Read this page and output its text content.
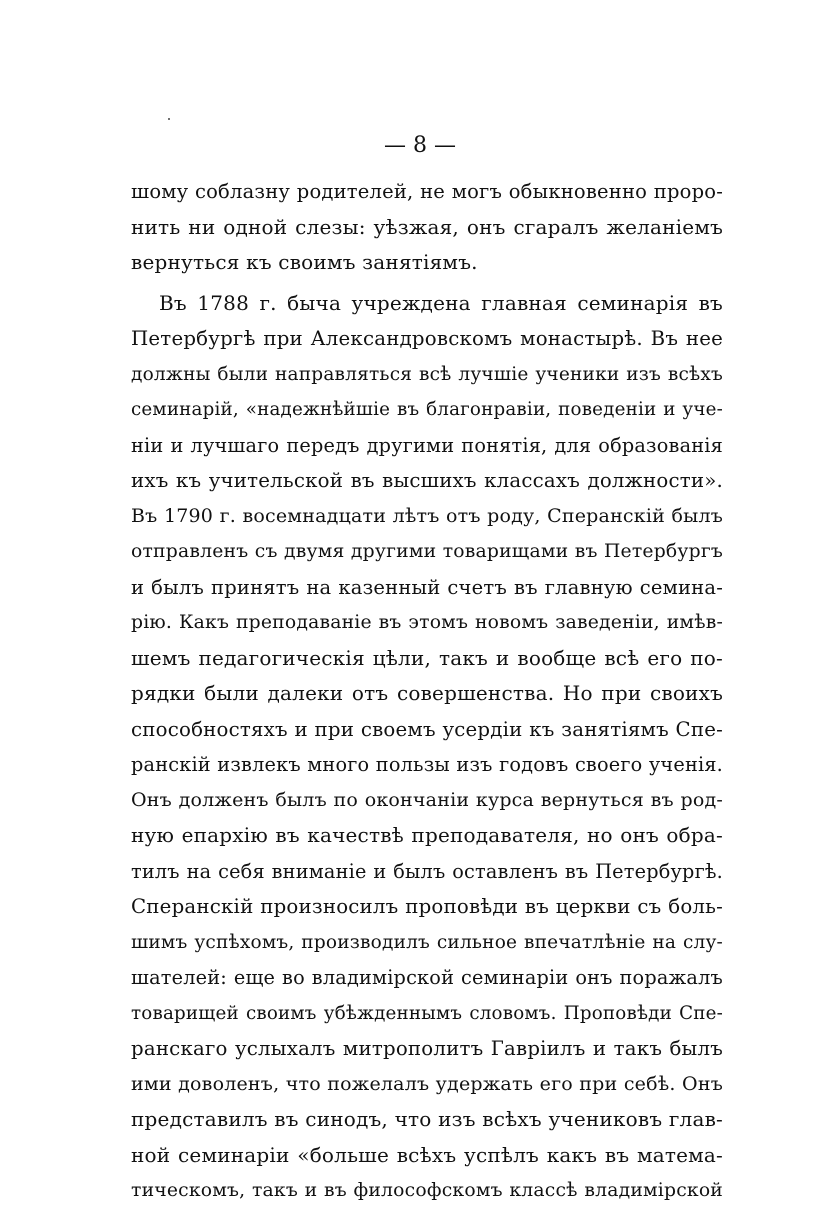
— 8 —
шому соблазну родителей, не могъ обыкновенно проро-
нить ни одной слезы: уѣзжая, онъ сгаралъ желаніемъ
вернуться къ своимъ занятіямъ.
Въ 1788 г. быча учреждена главная семинарія въ
Петербургѣ при Александровскомъ монастырѣ. Въ нее
должны были направляться всѣ лучшіе ученики изъ всѣхъ
семинарій, «надежнѣйшіе въ благонравіи, поведеніи и уче-
ніи и лучшаго передъ другими понятія, для образованія
ихъ къ учительской въ высшихъ классахъ должности».
Въ 1790 г. восемнадцати лѣтъ отъ роду, Сперанскій былъ
отправленъ съ двумя другими товарищами въ Петербургъ
и былъ принятъ на казенный счетъ въ главную семина-
рію. Какъ преподаваніе въ этомъ новомъ заведеніи, имѣв-
шемъ педагогическія цѣли, такъ и вообще всѣ его по-
рядки были далеки отъ совершенства. Но при своихъ
способностяхъ и при своемъ усердіи къ занятіямъ Спе-
ранскій извлекъ много пользы изъ годовъ своего ученія.
Онъ долженъ былъ по окончаніи курса вернуться въ род-
ную епархію въ качествѣ преподавателя, но онъ обра-
тилъ на себя вниманіе и былъ оставленъ въ Петербургѣ.
Сперанскій произносилъ проповѣди въ церкви съ боль-
шимъ успѣхомъ, производилъ сильное впечатлѣніе на слу-
шателей: еще во владимірской семинаріи онъ поражалъ
товарищей своимъ убѣжденнымъ словомъ. Проповѣди Спе-
ранскаго услыхалъ митрополитъ Гавріилъ и такъ былъ
ими доволенъ, что пожелалъ удержать его при себѣ. Онъ
представилъ въ синодъ, что изъ всѣхъ учениковъ глав-
ной семинаріи «больше всѣхъ успѣлъ какъ въ матема-
тическомъ, такъ и въ философскомъ классѣ владимірской
